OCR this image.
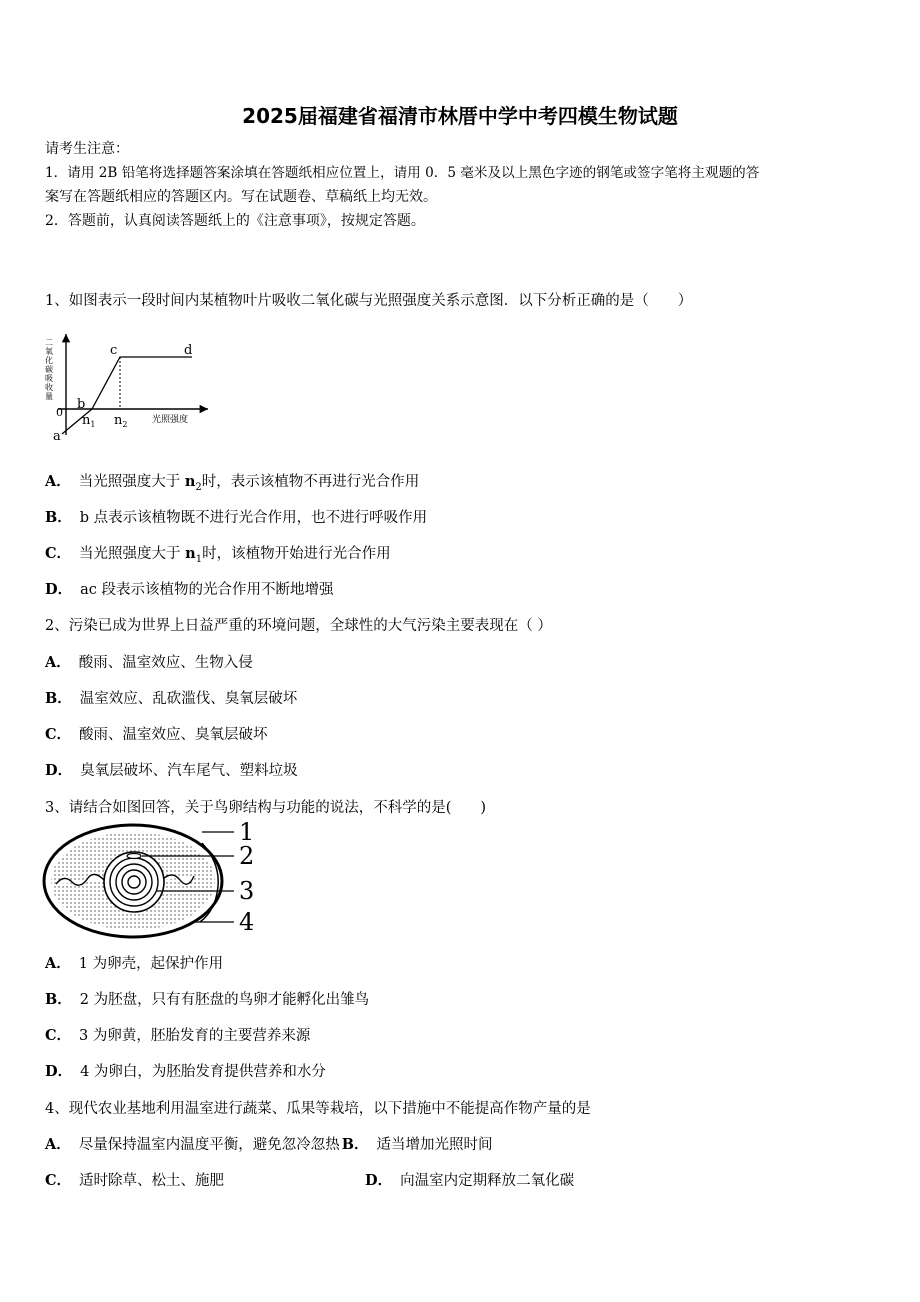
2025届福建省福清市林厝中学中考四模生物试题
请考生注意：
1．请用 2B 铅笔将选择题答案涂填在答题纸相应位置上，请用 0．5 毫米及以上黑色字迹的钢笔或签字笔将主观题的答
案写在答题纸相应的答题区内。写在试题卷、草稿纸上均无效。
2．答题前，认真阅读答题纸上的《注意事项》，按规定答题。
1、如图表示一段时间内某植物叶片吸收二氧化碳与光照强度关系示意图．以下分析正确的是（　　）
二氧化碳吸收量
光照强度
0
a
b
c	d
$n_1$ $n_2$
A． 当光照强度大于 $n_2$时，表示该植物不再进行光合作用
B． b 点表示该植物既不进行光合作用，也不进行呼吸作用
C． 当光照强度大于 $n_1$时，该植物开始进行光合作用
D． ac 段表示该植物的光合作用不断地增强
2、污染已成为世界上日益严重的环境问题，全球性的大气污染主要表现在（ ）
A． 酸雨、温室效应、生物入侵
B． 温室效应、乱砍滥伐、臭氧层破坏
C． 酸雨、温室效应、臭氧层破坏
D． 臭氧层破坏、汽车尾气、塑料垃圾
3、请结合如图回答，关于鸟卵结构与功能的说法，不科学的是(　　)
1
2
3
4
A． 1 为卵壳，起保护作用
B． 2 为胚盘，只有有胚盘的鸟卵才能孵化出雏鸟
C． 3 为卵黄，胚胎发育的主要营养来源
D． 4 为卵白，为胚胎发育提供营养和水分
4、现代农业基地利用温室进行蔬菜、瓜果等栽培，以下措施中不能提高作物产量的是
A． 尽量保持温室内温度平衡，避免忽冷忽热 B． 适当增加光照时间
C． 适时除草、松土、施肥	D． 向温室内定期释放二氧化碳
